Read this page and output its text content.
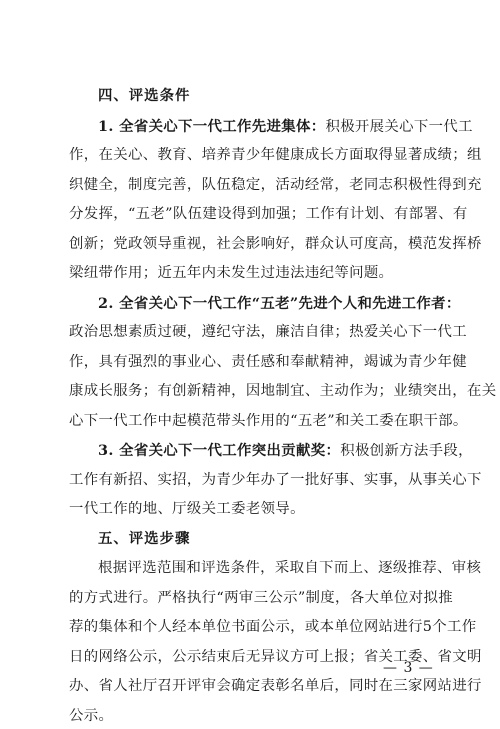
四、评选条件
1. 全省关心下一代工作先进集体：积极开展关心下一代工
作，在关心、教育、培养青少年健康成长方面取得显著成绩；组
织健全，制度完善，队伍稳定，活动经常，老同志积极性得到充
分发挥，“五老”队伍建设得到加强；工作有计划、有部署、有
创新；党政领导重视，社会影响好，群众认可度高，模范发挥桥
梁纽带作用；近五年内未发生过违法违纪等问题。
2. 全省关心下一代工作“五老”先进个人和先进工作者：
政治思想素质过硬，遵纪守法，廉洁自律；热爱关心下一代工
作，具有强烈的事业心、责任感和奉献精神，竭诚为青少年健
康成长服务；有创新精神，因地制宜、主动作为；业绩突出，在关
心下一代工作中起模范带头作用的“五老”和关工委在职干部。
3. 全省关心下一代工作突出贡献奖：积极创新方法手段，
工作有新招、实招，为青少年办了一批好事、实事，从事关心下
一代工作的地、厅级关工委老领导。
五、评选步骤
根据评选范围和评选条件，采取自下而上、逐级推荐、审核
的方式进行。严格执行“两审三公示”制度，各大单位对拟推
荐的集体和个人经本单位书面公示，或本单位网站进行5个工作
日的网络公示，公示结束后无异议方可上报；省关工委、省文明
办、省人社厅召开评审会确定表彰名单后，同时在三家网站进行
公示。
— 3 —
